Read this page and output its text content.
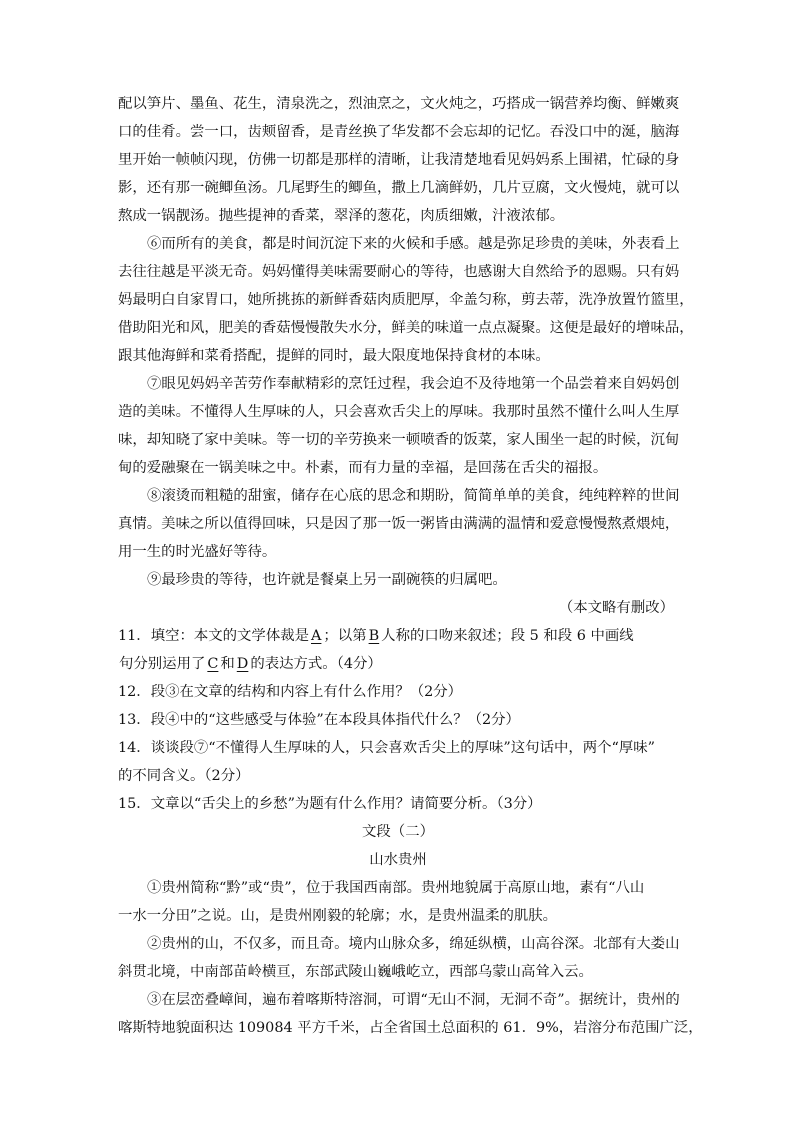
配以笋片、墨鱼、花生，清泉洗之，烈油烹之，文火炖之，巧搭成一锅营养均衡、鲜嫩爽
口的佳肴。尝一口，齿颊留香，是青丝换了华发都不会忘却的记忆。吞没口中的涎，脑海
里开始一帧帧闪现，仿佛一切都是那样的清晰，让我清楚地看见妈妈系上围裙，忙碌的身
影，还有那一碗鲫鱼汤。几尾野生的鲫鱼，撒上几滴鲜奶，几片豆腐，文火慢炖，就可以
熬成一锅靓汤。抛些提神的香菜，翠泽的葱花，肉质细嫩，汁液浓郁。
⑥而所有的美食，都是时间沉淀下来的火候和手感。越是弥足珍贵的美味，外表看上
去往往越是平淡无奇。妈妈懂得美味需要耐心的等待，也感谢大自然给予的恩赐。只有妈
妈最明白自家胃口，她所挑拣的新鲜香菇肉质肥厚，伞盖匀称，剪去蒂，洗净放置竹篮里，
借助阳光和风，肥美的香菇慢慢散失水分，鲜美的味道一点点凝聚。这便是最好的增味品，
跟其他海鲜和菜肴搭配，提鲜的同时，最大限度地保持食材的本味。
⑦眼见妈妈辛苦劳作奉献精彩的烹饪过程，我会迫不及待地第一个品尝着来自妈妈创
造的美味。不懂得人生厚味的人，只会喜欢舌尖上的厚味。我那时虽然不懂什么叫人生厚
味，却知晓了家中美味。等一切的辛劳换来一顿喷香的饭菜，家人围坐一起的时候，沉甸
甸的爱融聚在一锅美味之中。朴素，而有力量的幸福，是回荡在舌尖的福报。
⑧滚烫而粗糙的甜蜜，储存在心底的思念和期盼，简简单单的美食，纯纯粹粹的世间
真情。美味之所以值得回味，只是因了那一饭一粥皆由满满的温情和爱意慢慢熬煮煨炖，
用一生的时光盛好等待。
⑨最珍贵的等待，也许就是餐桌上另一副碗筷的归属吧。
（本文略有删改）
11．填空：本文的文学体裁是A；以第B人称的口吻来叙述；段 5 和段 6 中画线
句分别运用了C和D的表达方式。（4分）
12．段③在文章的结构和内容上有什么作用？（2分）
13．段④中的“这些感受与体验”在本段具体指代什么？（2分）
14．谈谈段⑦“不懂得人生厚味的人，只会喜欢舌尖上的厚味”这句话中，两个“厚味”
的不同含义。（2分）
15．文章以“舌尖上的乡愁”为题有什么作用？请简要分析。（3分）
文段（二）
山水贵州
①贵州简称“黔”或“贵”，位于我国西南部。贵州地貌属于高原山地，素有“八山
一水一分田”之说。山，是贵州刚毅的轮廓；水，是贵州温柔的肌肤。
②贵州的山，不仅多，而且奇。境内山脉众多，绵延纵横，山高谷深。北部有大娄山
斜贯北境，中南部苗岭横亘，东部武陵山巍峨屹立，西部乌蒙山高耸入云。
③在层峦叠嶂间，遍布着喀斯特溶洞，可谓“无山不洞，无洞不奇”。据统计，贵州的
喀斯特地貌面积达 109084 平方千米，占全省国土总面积的 61．9%，岩溶分布范围广泛，
